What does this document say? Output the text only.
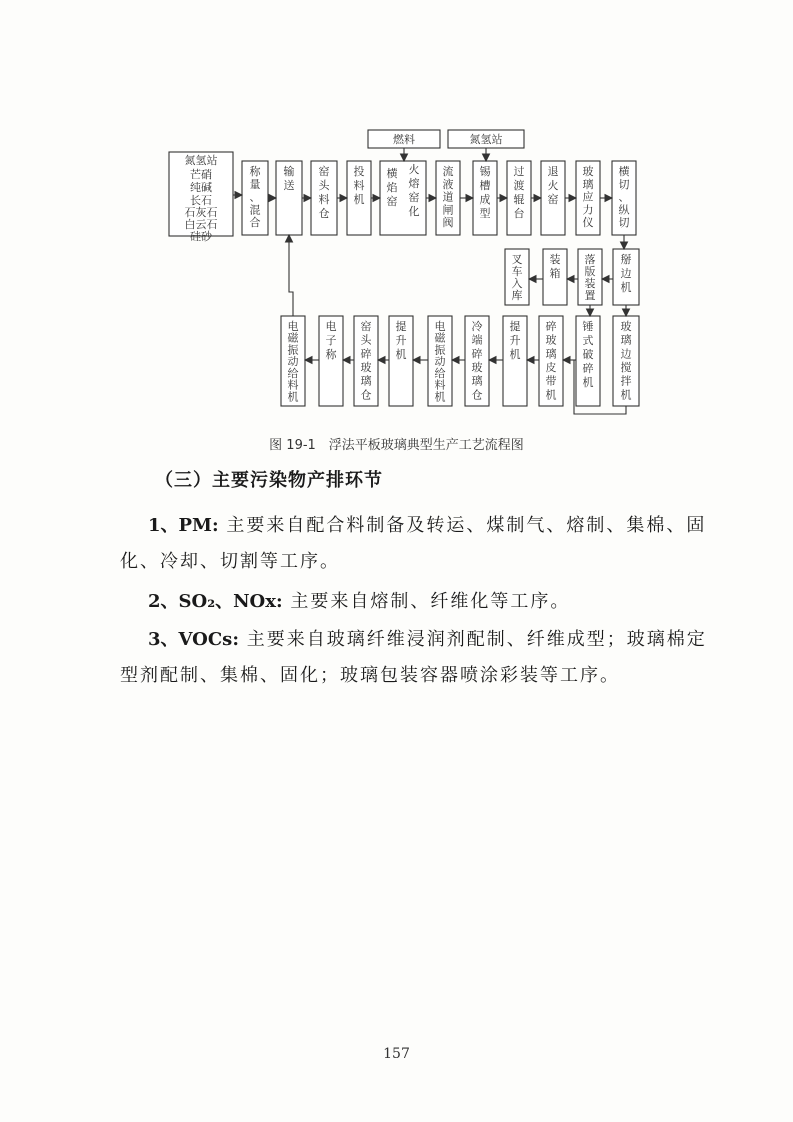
氮氢站
芒硝
纯碱
长石
石灰石
白云石
硅砂
燃料	氮氢站
称
量
、
混
合
输
送
窑
头
料
仓
投
料
机
横
焰
窑
火
熔
窑
化
流
液
道
闸
阀
锡
槽
成
型
过
渡
辊
台
退
火
窑
玻
璃
应
力
仪
横
切
、
纵
切
叉
车
入
库
装
箱
落
版
装
置
掰
边
机
电
磁
振
动
给
料
机
电
子
称
窑
头
碎
玻
璃
仓
提
升
机
电
磁
振
动
给
料
机
冷
端
碎
玻
璃
仓
提
升
机
碎
玻
璃
皮
带
机
锤
式
破
碎
机
玻
璃
边
搅
拌
机
图 19-1　浮法平板玻璃典型生产工艺流程图
（三）主要污染物产排环节
1、PM: 主要来自配合料制备及转运、煤制气、熔制、集棉、固化、冷却、切割等工序。
2、SO₂、NOx: 主要来自熔制、纤维化等工序。
3、VOCs: 主要来自玻璃纤维浸润剂配制、纤维成型；玻璃棉定型剂配制、集棉、固化；玻璃包装容器喷涂彩装等工序。
157
